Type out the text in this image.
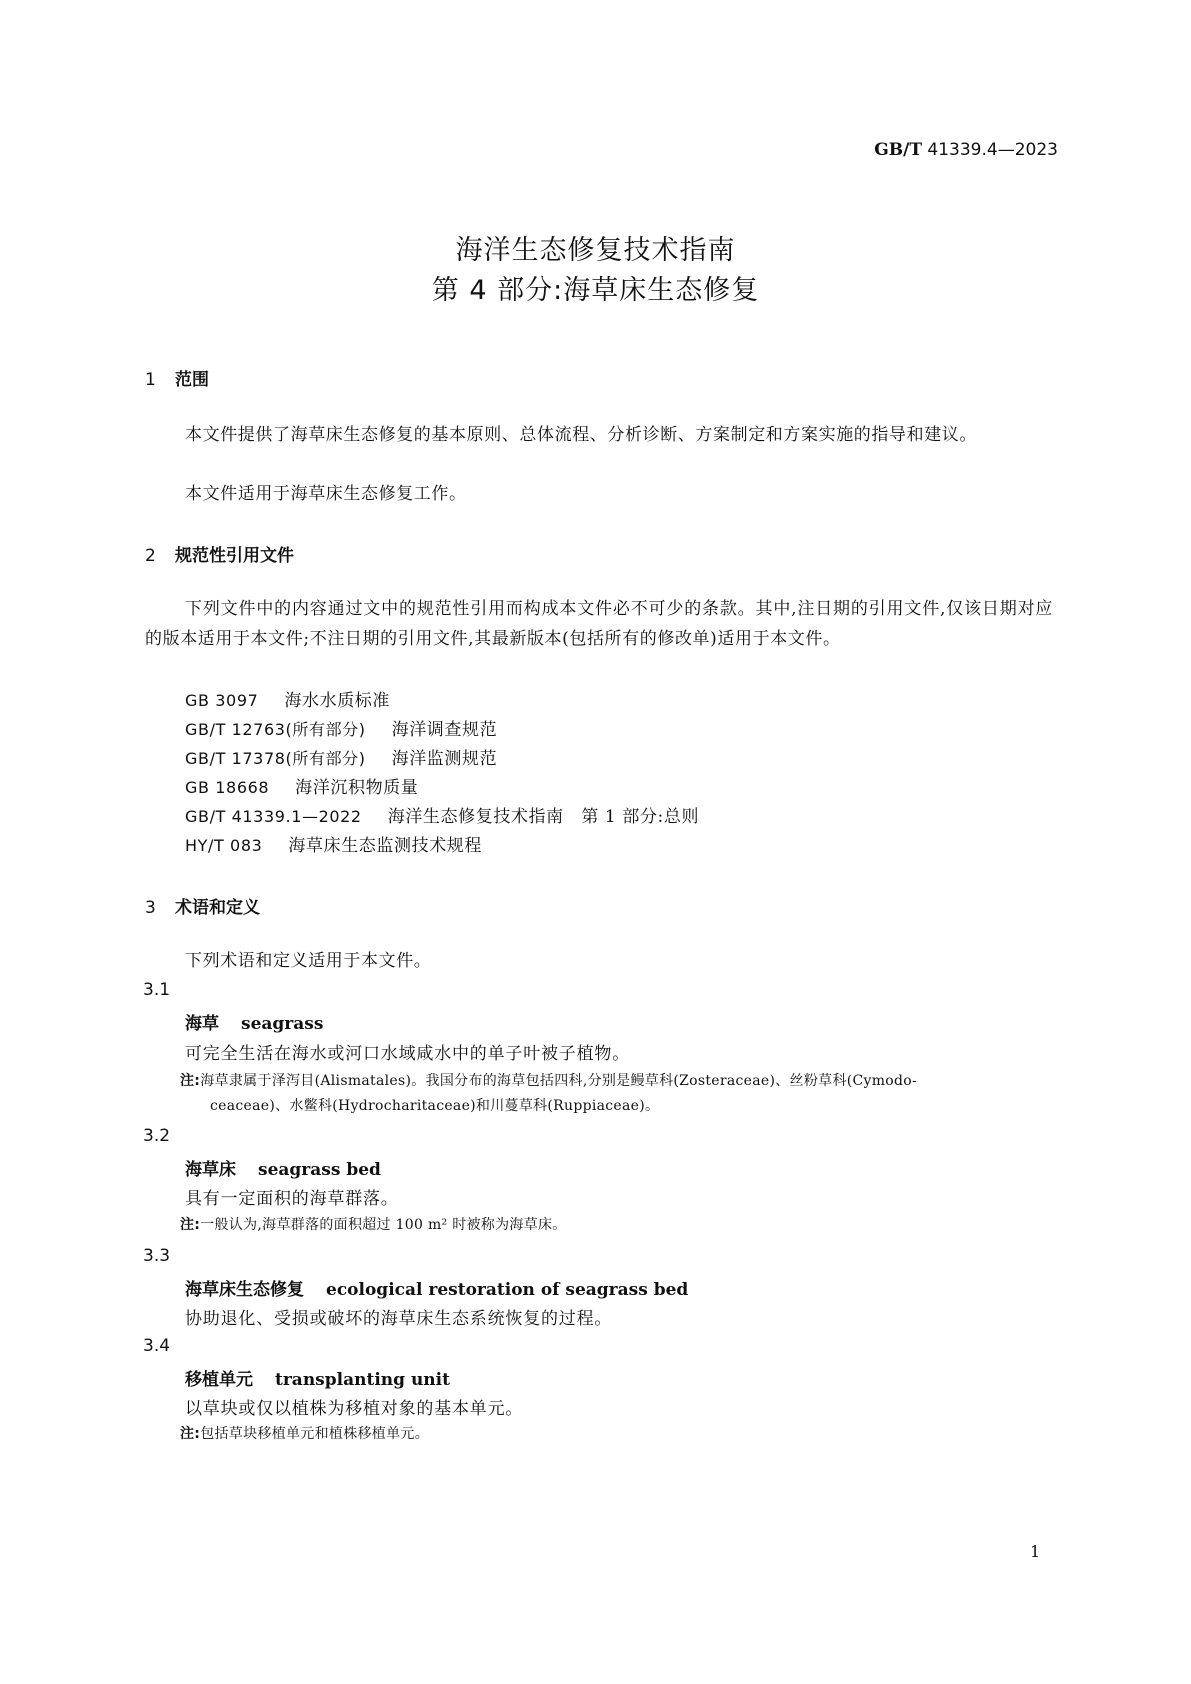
GB/T 41339.4—2023
海洋生态修复技术指南
第 4 部分:海草床生态修复
1 范围
本文件提供了海草床生态修复的基本原则、总体流程、分析诊断、方案制定和方案实施的指导和建议。
本文件适用于海草床生态修复工作。
2 规范性引用文件
下列文件中的内容通过文中的规范性引用而构成本文件必不可少的条款。其中,注日期的引用文件,仅该日期对应的版本适用于本文件;不注日期的引用文件,其最新版本(包括所有的修改单)适用于本文件。
GB 3097 海水水质标准
GB/T 12763(所有部分) 海洋调查规范
GB/T 17378(所有部分) 海洋监测规范
GB 18668 海洋沉积物质量
GB/T 41339.1—2022 海洋生态修复技术指南　第 1 部分:总则
HY/T 083 海草床生态监测技术规程
3 术语和定义
下列术语和定义适用于本文件。
3.1
海草 seagrass
可完全生活在海水或河口水域咸水中的单子叶被子植物。
注:海草隶属于泽泻目(Alismatales)。我国分布的海草包括四科,分别是鳗草科(Zosteraceae)、丝粉草科(Cymodo-
ceaceae)、水鳖科(Hydrocharitaceae)和川蔓草科(Ruppiaceae)。
3.2
海草床 seagrass bed
具有一定面积的海草群落。
注:一般认为,海草群落的面积超过 100 m² 时被称为海草床。
3.3
海草床生态修复 ecological restoration of seagrass bed
协助退化、受损或破坏的海草床生态系统恢复的过程。
3.4
移植单元 transplanting unit
以草块或仅以植株为移植对象的基本单元。
注:包括草块移植单元和植株移植单元。
1
